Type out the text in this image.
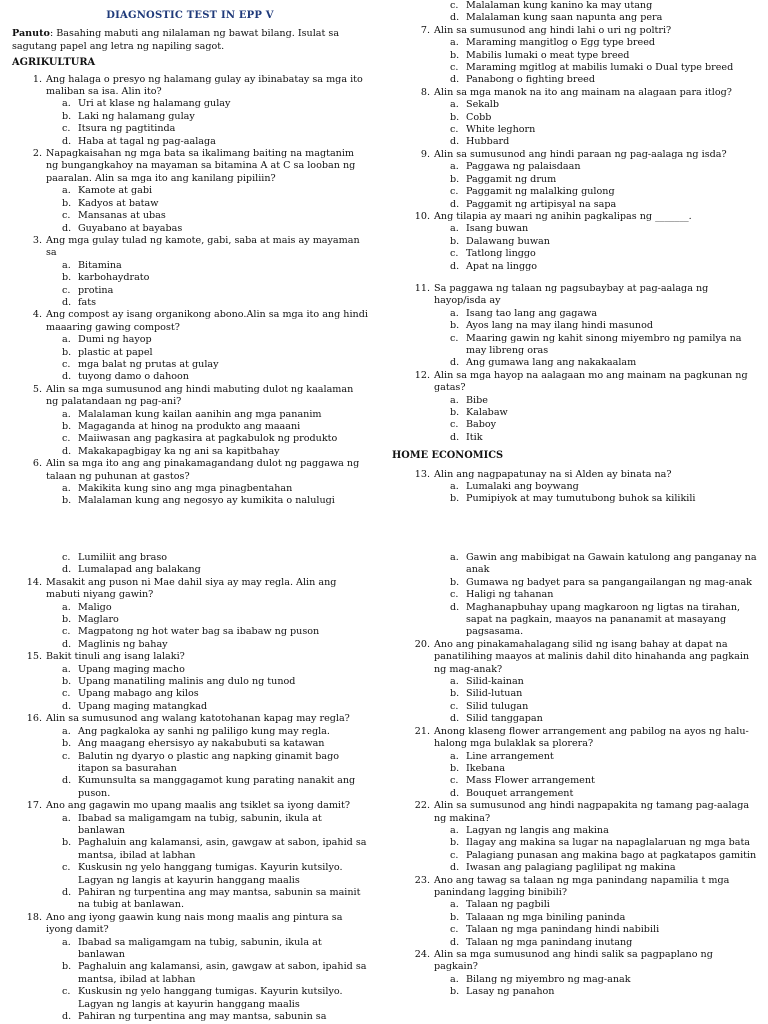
DIAGNOSTIC TEST IN EPP V
Panuto: Basahing mabuti ang nilalaman ng bawat bilang. Isulat sa sagutang papel ang letra ng napiling sagot.
AGRIKULTURA
1. Ang halaga o presyo ng halamang gulay ay ibinabatay sa mga ito maliban sa isa. Alin ito?
a. Uri at klase ng halamang gulay
b. Laki ng halamang gulay
c. Itsura ng pagtitinda
d. Haba at tagal ng pag-aalaga
2. Napagkaisahan ng mga bata sa ikalimang baiting na magtanim ng bungangkahoy na mayaman sa bitamina A at C sa looban ng paaralan. Alin sa mga ito ang kanilang pipiliin?
a. Kamote at gabi
b. Kadyos at bataw
c. Mansanas at ubas
d. Guyabano at bayabas
3. Ang mga gulay tulad ng kamote, gabi, saba at mais ay mayaman sa
a. Bitamina
b. karbohaydrato
c. protina
d. fats
4. Ang compost ay isang organikong abono.Alin sa mga ito ang hindi maaaring gawing compost?
a. Dumi ng hayop
b. plastic at papel
c. mga balat ng prutas at gulay
d. tuyong damo o dahoon
5. Alin sa mga sumusunod ang hindi mabuting dulot ng kaalaman ng palatandaan ng pag-ani?
a. Malalaman kung kailan aanihin ang mga pananim
b. Magaganda at hinog na produkto ang maaani
c. Maiiwasan ang pagkasira at pagkabulok ng produkto
d. Makakapagbigay ka ng ani sa kapitbahay
6. Alin sa mga ito ang ang pinakamagandang dulot ng paggawa ng talaan ng puhunan at gastos?
a. Makikita kung sino ang mga pinagbentahan
b. Malalaman kung ang negosyo ay kumikita o nalulugi
c. Malalaman kung kanino ka may utang
d. Malalaman kung saan napunta ang pera
7. Alin sa sumusunod ang hindi lahi o uri ng poltri?
a. Maraming mangitlog o Egg type breed
b. Mabilis lumaki o meat type breed
c. Maraming mgitlog at mabilis lumaki o Dual type breed
d. Panabong o fighting breed
8. Alin sa mga manok na ito ang mainam na alagaan para itlog?
a. Sekalb
b. Cobb
c. White leghorn
d. Hubbard
9. Alin sa sumusunod ang hindi paraan ng pag-aalaga ng isda?
a. Paggawa ng palaisdaan
b. Paggamit ng drum
c. Paggamit ng malalking gulong
d. Paggamit ng artipisyal na sapa
10. Ang tilapia ay maari ng anihin pagkalipas ng _______.
a. Isang buwan
b. Dalawang buwan
c. Tatlong linggo
d. Apat na linggo
11. Sa paggawa ng talaan ng pagsubaybay at pag-aalaga ng hayop/isda ay
a. Isang tao lang ang gagawa
b. Ayos lang na may ilang hindi masunod
c. Maaring gawin ng kahit sinong miyembro ng pamilya na may libreng oras
d. Ang gumawa lang ang nakakaalam
12. Alin sa mga hayop na aalagaan mo ang mainam na pagkunan ng gatas?
a. Bibe
b. Kalabaw
c. Baboy
d. Itik
HOME ECONOMICS
13. Alin ang nagpapatunay na si Alden ay binata na?
a. Lumalaki ang boywang
b. Pumipiyok at may tumutubong buhok sa kilikili
c. Lumiliit ang braso
d. Lumalapad ang balakang
14. Masakit ang puson ni Mae dahil siya ay may regla. Alin ang mabuti niyang gawin?
a. Maligo
b. Maglaro
c. Magpatong ng hot water bag sa ibabaw ng puson
d. Maglinis ng bahay
15. Bakit tinuli ang isang lalaki?
a. Upang maging macho
b. Upang manatiling malinis ang dulo ng tunod
c. Upang mabago ang kilos
d. Upang maging matangkad
16. Alin sa sumusunod ang walang katotohanan kapag may regla?
a. Ang pagkaloka ay sanhi ng paliligo kung may regla.
b. Ang maagang ehersisyo ay nakabubuti sa katawan
c. Balutin ng dyaryo o plastic ang napking ginamit bago itapon sa basurahan
d. Kumunsulta sa manggagamot kung parating nanakit ang puson.
17. Ano ang gagawin mo upang maalis ang tsiklet sa iyong damit?
a. Ibabad sa maligamgam na tubig, sabunin, ikula at banlawan
b. Paghaluin ang kalamansi, asin, gawgaw at sabon, ipahid sa mantsa, ibilad at labhan
c. Kuskusin ng yelo hanggang tumigas. Kayurin kutsilyo. Lagyan ng langis at kayurin hanggang maalis
d. Pahiran ng turpentina ang may mantsa, sabunin sa mainit na tubig at banlawan.
18. Ano ang iyong gaawin kung nais mong maalis ang pintura sa iyong damit?
a. Ibabad sa maligamgam na tubig, sabunin, ikula at banlawan
b. Paghaluin ang kalamansi, asin, gawgaw at sabon, ipahid sa mantsa, ibilad at labhan
c. Kuskusin ng yelo hanggang tumigas. Kayurin kutsilyo. Lagyan ng langis at kayurin hanggang maalis
d. Pahiran ng turpentina ang may mantsa, sabunin sa
a. Gawin ang mabibigat na Gawain katulong ang panganay na anak
b. Gumawa ng badyet para sa pangangailangan ng mag-anak
c. Haligi ng tahanan
d. Maghanapbuhay upang magkaroon ng ligtas na tirahan, sapat na pagkain, maayos na pananamit at masayang pagsasama.
20. Ano ang pinakamahalagang silid ng isang bahay at dapat na panatilihing maayos at malinis dahil dito hinahanda ang pagkain ng mag-anak?
a. Silid-kainan
b. Silid-lutuan
c. Silid tulugan
d. Silid tanggapan
21. Anong klaseng flower arrangement ang pabilog na ayos ng halu-halong mga bulaklak sa plorera?
a. Line arrangement
b. Ikebana
c. Mass Flower arrangement
d. Bouquet arrangement
22. Alin sa sumusunod ang hindi nagpapakita ng tamang pag-aalaga ng makina?
a. Lagyan ng langis ang makina
b. Ilagay ang makina sa lugar na napaglalaruan ng mga bata
c. Palagiang punasan ang makina bago at pagkatapos gamitin
d. Iwasan ang palagiang paglilipat ng makina
23. Ano ang tawag sa talaan ng mga panindang napamilia t mga panindang lagging binibili?
a. Talaan ng pagbili
b. Talaaan ng mga biniling paninda
c. Talaan ng mga panindang hindi nabibili
d. Talaan ng mga panindang inutang
24. Alin sa mga sumusunod ang hindi salik sa pagpaplano ng pagkain?
a. Bilang ng miyembro ng mag-anak
b. Lasay ng panahon
